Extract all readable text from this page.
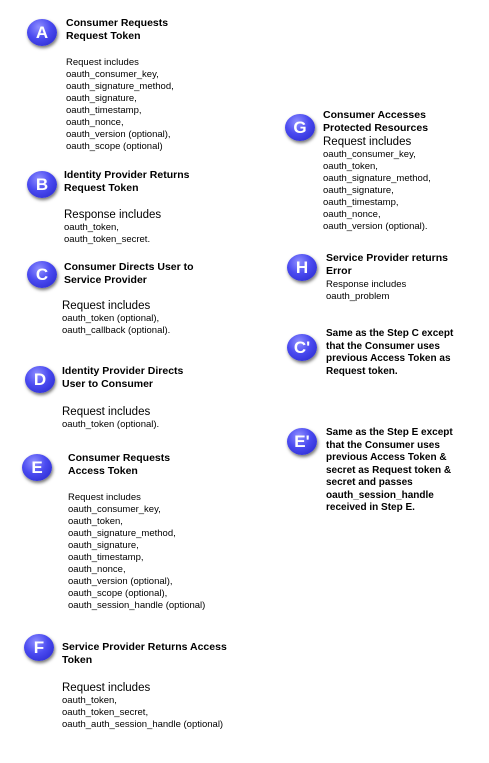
A	Consumer Requests
Request Token
Request includes
oauth_consumer_key,
oauth_signature_method,
oauth_signature,
oauth_timestamp,
oauth_nonce,
oauth_version (optional),
oauth_scope (optional)
B	Identity Provider Returns
Request Token
Response includes
oauth_token,
oauth_token_secret.
C	Consumer Directs User to
Service Provider
Request includes
oauth_token (optional),
oauth_callback (optional).
D	Identity Provider Directs
User to Consumer
Request includes
oauth_token (optional).
E	Consumer Requests
Access Token
Request includes
oauth_consumer_key,
oauth_token,
oauth_signature_method,
oauth_signature,
oauth_timestamp,
oauth_nonce,
oauth_version (optional),
oauth_scope (optional),
oauth_session_handle (optional)
F	Service Provider Returns Access
Token
Request includes
oauth_token,
oauth_token_secret,
oauth_auth_session_handle (optional)
G
Consumer Accesses
Protected Resources
Request includes
oauth_consumer_key,
oauth_token,
oauth_signature_method,
oauth_signature,
oauth_timestamp,
oauth_nonce,
oauth_version (optional).
H	Service Provider returns
Error
Response includes
oauth_problem
C'
Same as the Step C except
that the Consumer uses
previous Access Token as
Request token.
E'	Same as the Step E except
that the Consumer uses
previous Access Token &
secret as Request token &
secret and passes
oauth_session_handle
received in Step E.
